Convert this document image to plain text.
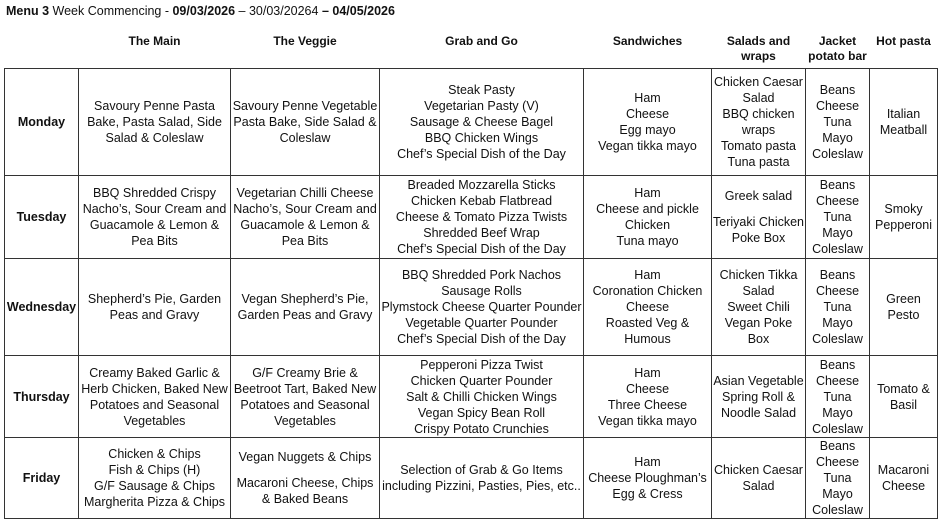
Menu 3 Week Commencing - 09/03/2026 – 30/03/20264 – 04/05/2026
	The Main	The Veggie	Grab and Go	Sandwiches	Salads and wraps	Jacket potato bar	Hot pasta
Monday	Savoury Penne Pasta Bake, Pasta Salad, Side Salad & Coleslaw	Savoury Penne Vegetable Pasta Bake, Side Salad & Coleslaw	Steak Pasty
Vegetarian Pasty (V)
Sausage & Cheese Bagel
BBQ Chicken Wings
Chef’s Special Dish of the Day	Ham
Cheese
Egg mayo
Vegan tikka mayo	Chicken Caesar Salad
BBQ chicken wraps
Tomato pasta
Tuna pasta	Beans
Cheese
Tuna Mayo
Coleslaw	Italian Meatball

Tuesday	BBQ Shredded Crispy Nacho’s, Sour Cream and Guacamole & Lemon & Pea Bits	Vegetarian Chilli Cheese Nacho’s, Sour Cream and Guacamole & Lemon & Pea Bits	Breaded Mozzarella Sticks
Chicken Kebab Flatbread
Cheese & Tomato Pizza Twists
Shredded Beef Wrap
Chef’s Special Dish of the Day	Ham
Cheese and pickle
Chicken
Tuna mayo	Greek salad
Teriyaki Chicken Poke Box	Beans
Cheese
Tuna Mayo
Coleslaw	Smoky Pepperoni

Wednesday	Shepherd’s Pie, Garden Peas and Gravy	Vegan Shepherd’s Pie, Garden Peas and Gravy	BBQ Shredded Pork Nachos
Sausage Rolls
Plymstock Cheese Quarter Pounder
Vegetable Quarter Pounder
Chef’s Special Dish of the Day	Ham
Coronation Chicken
Cheese
Roasted Veg & Humous	Chicken Tikka Salad
Sweet Chili
Vegan Poke Box	Beans
Cheese
Tuna Mayo
Coleslaw	Green Pesto

Thursday	Creamy Baked Garlic & Herb Chicken, Baked New Potatoes and Seasonal Vegetables	G/F Creamy Brie & Beetroot Tart, Baked New Potatoes and Seasonal Vegetables	Pepperoni Pizza Twist
Chicken Quarter Pounder
Salt & Chilli Chicken Wings
Vegan Spicy Bean Roll
Crispy Potato Crunchies	Ham
Cheese
Three Cheese
Vegan tikka mayo	Asian Vegetable Spring Roll & Noodle Salad	Beans
Cheese
Tuna Mayo
Coleslaw	Tomato & Basil

Friday	Chicken & Chips
Fish & Chips (H)
G/F Sausage & Chips
Margherita Pizza & Chips	Vegan Nuggets & Chips
Macaroni Cheese, Chips & Baked Beans	Selection of Grab & Go Items including Pizzini, Pasties, Pies, etc..	Ham
Cheese Ploughman’s Egg & Cress	Chicken Caesar Salad	Beans
Cheese
Tuna Mayo
Coleslaw	Macaroni Cheese
